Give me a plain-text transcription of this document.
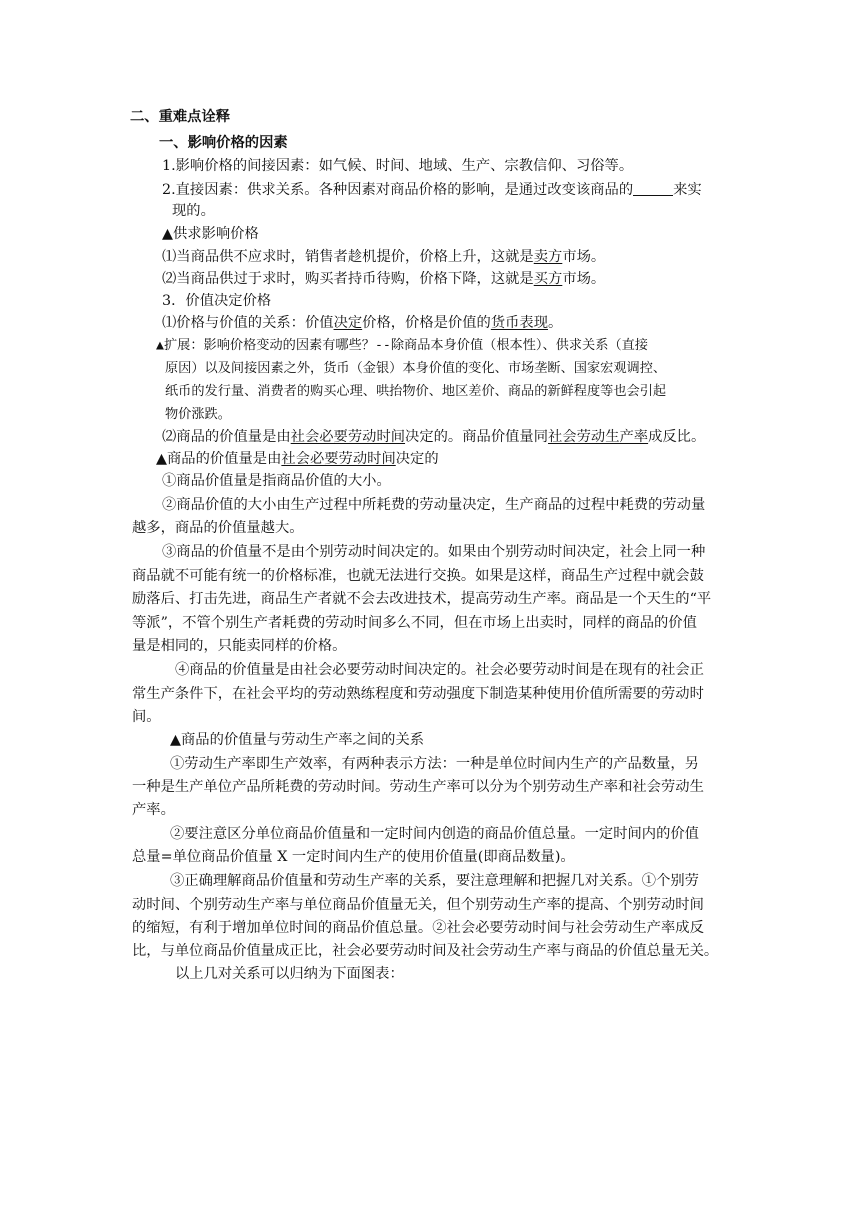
二、重难点诠释
一、影响价格的因素
1.影响价格的间接因素：如气候、时间、地域、生产、宗教信仰、习俗等。
2.直接因素：供求关系。各种因素对商品价格的影响，是通过改变该商品的	来实
现的。
▲供求影响价格
⑴当商品供不应求时，销售者趁机提价，价格上升，这就是卖方市场。
⑵当商品供过于求时，购买者持币待购，价格下降，这就是买方市场。
3．价值决定价格
⑴价格与价值的关系：价值决定价格，价格是价值的货币表现。
▲扩展：影响价格变动的因素有哪些？--除商品本身价值（根本性）、供求关系（直接
原因）以及间接因素之外，货币（金银）本身价值的变化、市场垄断、国家宏观调控、
纸币的发行量、消费者的购买心理、哄抬物价、地区差价、商品的新鲜程度等也会引起
物价涨跌。
⑵商品的价值量是由社会必要劳动时间决定的。商品价值量同社会劳动生产率成反比。
▲商品的价值量是由社会必要劳动时间决定的
①商品价值量是指商品价值的大小。
②商品价值的大小由生产过程中所耗费的劳动量决定，生产商品的过程中耗费的劳动量
越多，商品的价值量越大。
③商品的价值量不是由个别劳动时间决定的。如果由个别劳动时间决定，社会上同一种
商品就不可能有统一的价格标准，也就无法进行交换。如果是这样，商品生产过程中就会鼓
励落后、打击先进，商品生产者就不会去改进技术，提高劳动生产率。商品是一个天生的“平
等派”，不管个别生产者耗费的劳动时间多么不同，但在市场上出卖时，同样的商品的价值
量是相同的，只能卖同样的价格。
④商品的价值量是由社会必要劳动时间决定的。社会必要劳动时间是在现有的社会正
常生产条件下，在社会平均的劳动熟练程度和劳动强度下制造某种使用价值所需要的劳动时
间。
▲商品的价值量与劳动生产率之间的关系
①劳动生产率即生产效率，有两种表示方法：一种是单位时间内生产的产品数量，另
一种是生产单位产品所耗费的劳动时间。劳动生产率可以分为个别劳动生产率和社会劳动生
产率。
②要注意区分单位商品价值量和一定时间内创造的商品价值总量。一定时间内的价值
总量=单位商品价值量 X 一定时间内生产的使用价值量(即商品数量)。
③正确理解商品价值量和劳动生产率的关系，要注意理解和把握几对关系。①个别劳
动时间、个别劳动生产率与单位商品价值量无关，但个别劳动生产率的提高、个别劳动时间
的缩短，有利于增加单位时间的商品价值总量。②社会必要劳动时间与社会劳动生产率成反
比，与单位商品价值量成正比，社会必要劳动时间及社会劳动生产率与商品的价值总量无关。
以上几对关系可以归纳为下面图表：
